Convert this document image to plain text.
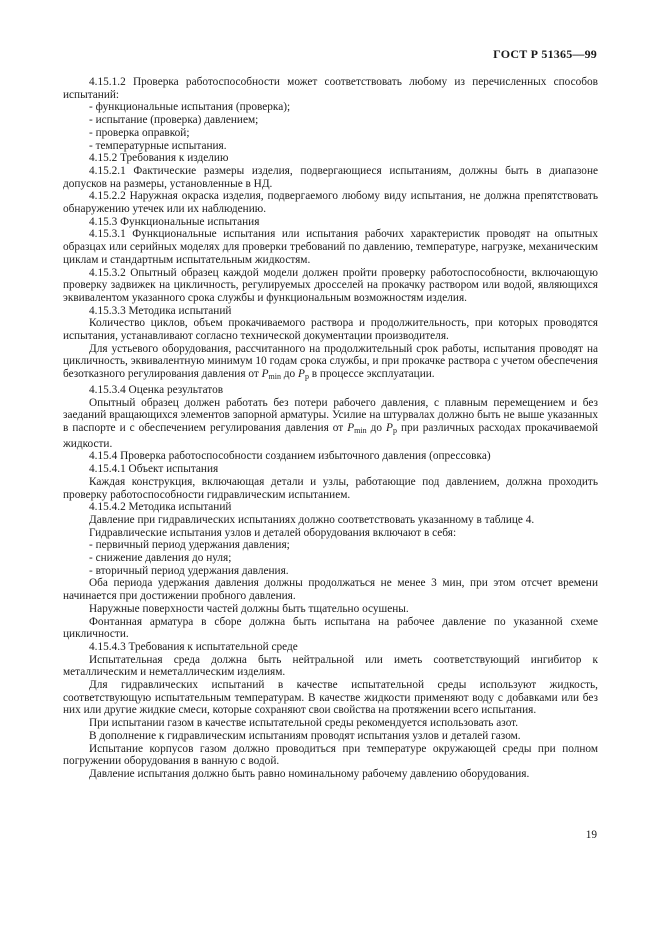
ГОСТ Р 51365—99

4.15.1.2 Проверка работоспособности может соответствовать любому из перечисленных способов испытаний:

- функциональные испытания (проверка);

- испытание (проверка) давлением;

- проверка оправкой;

- температурные испытания.

4.15.2 Требования к изделию

4.15.2.1 Фактические размеры изделия, подвергающиеся испытаниям, должны быть в диапазоне допусков на размеры, установленные в НД.

4.15.2.2 Наружная окраска изделия, подвергаемого любому виду испытания, не должна препятствовать обнаружению утечек или их наблюдению.

4.15.3 Функциональные испытания

4.15.3.1 Функциональные испытания или испытания рабочих характеристик проводят на опытных образцах или серийных моделях для проверки требований по давлению, температуре, нагрузке, механическим циклам и стандартным испытательным жидкостям.

4.15.3.2 Опытный образец каждой модели должен пройти проверку работоспособности, включающую проверку задвижек на цикличность, регулируемых дросселей на прокачку раствором или водой, являющихся эквивалентом указанного срока службы и функциональным возможностям изделия.

4.15.3.3 Методика испытаний

Количество циклов, объем прокачиваемого раствора и продолжительность, при которых проводятся испытания, устанавливают согласно технической документации производителя.

Для устьевого оборудования, рассчитанного на продолжительный срок работы, испытания проводят на цикличность, эквивалентную минимум 10 годам срока службы, и при прокачке раствора с учетом обеспечения безотказного регулирования давления от $P_{min}$ до $P_р$ в процессе эксплуатации.

4.15.3.4 Оценка результатов

Опытный образец должен работать без потери рабочего давления, с плавным перемещением и без заеданий вращающихся элементов запорной арматуры. Усилие на штурвалах должно быть не выше указанных в паспорте и с обеспечением регулирования давления от $P_{min}$ до $P_р$ при различных расходах прокачиваемой жидкости.

4.15.4 Проверка работоспособности созданием избыточного давления (опрессовка)

4.15.4.1 Объект испытания

Каждая конструкция, включающая детали и узлы, работающие под давлением, должна проходить проверку работоспособности гидравлическим испытанием.

4.15.4.2 Методика испытаний

Давление при гидравлических испытаниях должно соответствовать указанному в таблице 4.

Гидравлические испытания узлов и деталей оборудования включают в себя:

- первичный период удержания давления;

- снижение давления до нуля;

- вторичный период удержания давления.

Оба периода удержания давления должны продолжаться не менее 3 мин, при этом отсчет времени начинается при достижении пробного давления.

Наружные поверхности частей должны быть тщательно осушены.

Фонтанная арматура в сборе должна быть испытана на рабочее давление по указанной схеме цикличности.

4.15.4.3 Требования к испытательной среде

Испытательная среда должна быть нейтральной или иметь соответствующий ингибитор к металлическим и неметаллическим изделиям.

Для гидравлических испытаний в качестве испытательной среды используют жидкость, соответствующую испытательным температурам. В качестве жидкости применяют воду с добавками или без них или другие жидкие смеси, которые сохраняют свои свойства на протяжении всего испытания.

При испытании газом в качестве испытательной среды рекомендуется использовать азот.

В дополнение к гидравлическим испытаниям проводят испытания узлов и деталей газом.

Испытание корпусов газом должно проводиться при температуре окружающей среды при полном погружении оборудования в ванную с водой.

Давление испытания должно быть равно номинальному рабочему давлению оборудования.

19
